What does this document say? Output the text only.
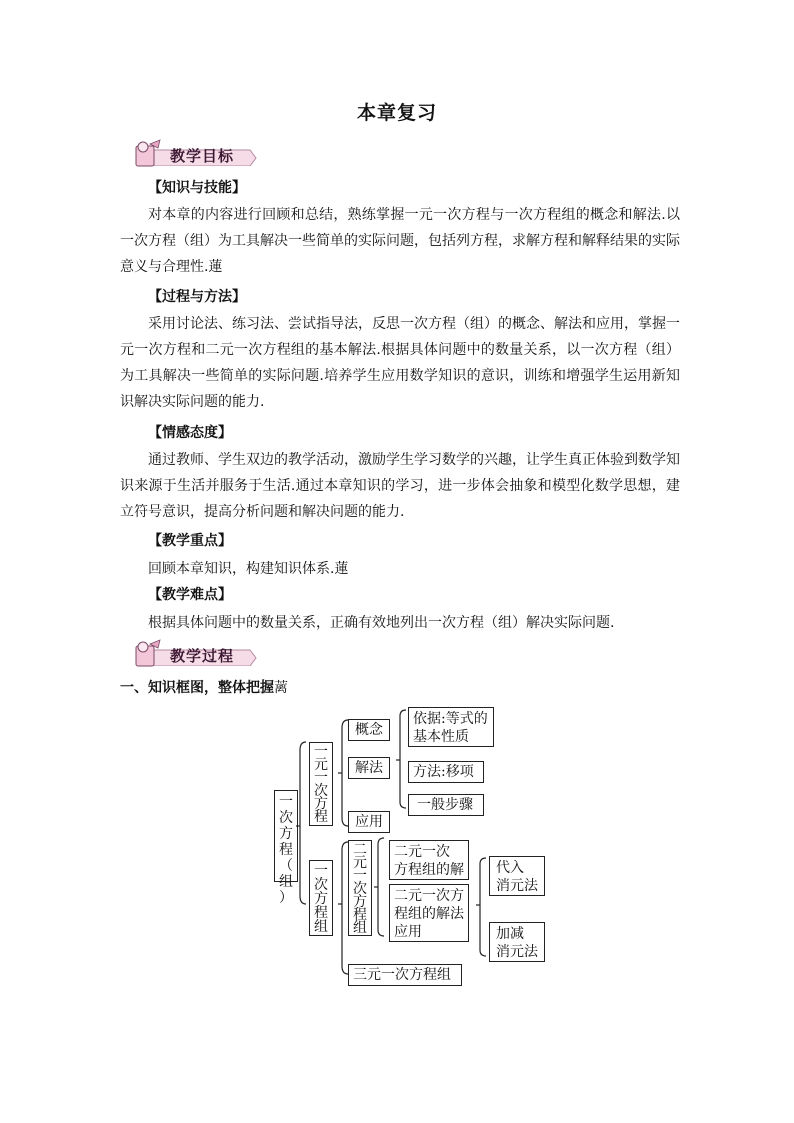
本章复习
教学目标
【知识与技能】
对本章的内容进行回顾和总结，熟练掌握一元一次方程与一次方程组的概念和解法.以一次方程（组）为工具解决一些简单的实际问题，包括列方程，求解方程和解释结果的实际意义与合理性.蓮
【过程与方法】
采用讨论法、练习法、尝试指导法，反思一次方程（组）的概念、解法和应用，掌握一元一次方程和二元一次方程组的基本解法.根据具体问题中的数量关系，以一次方程（组）为工具解决一些简单的实际问题.培养学生应用数学知识的意识，训练和增强学生运用新知识解决实际问题的能力.
【情感态度】
通过教师、学生双边的教学活动，激励学生学习数学的兴趣，让学生真正体验到数学知识来源于生活并服务于生活.通过本章知识的学习，进一步体会抽象和模型化数学思想，建立符号意识，提高分析问题和解决问题的能力.
【教学重点】
回顾本章知识，构建知识体系.蓮
【教学难点】
根据具体问题中的数量关系，正确有效地列出一次方程（组）解决实际问题.
教学过程
一、知识框图，整体把握蓠
一
次
方
程
（
组
）
一
元
一
次
方
程
一
次
方
程
组
二
元
一
次
方
程
组
概念
解法
应用
依据:等式的
基本性质
方法:移项
一般步骤
二元一次
方程组的解
二元一次方
程组的解法
应用
代入
消元法
加减
消元法
三元一次方程组
